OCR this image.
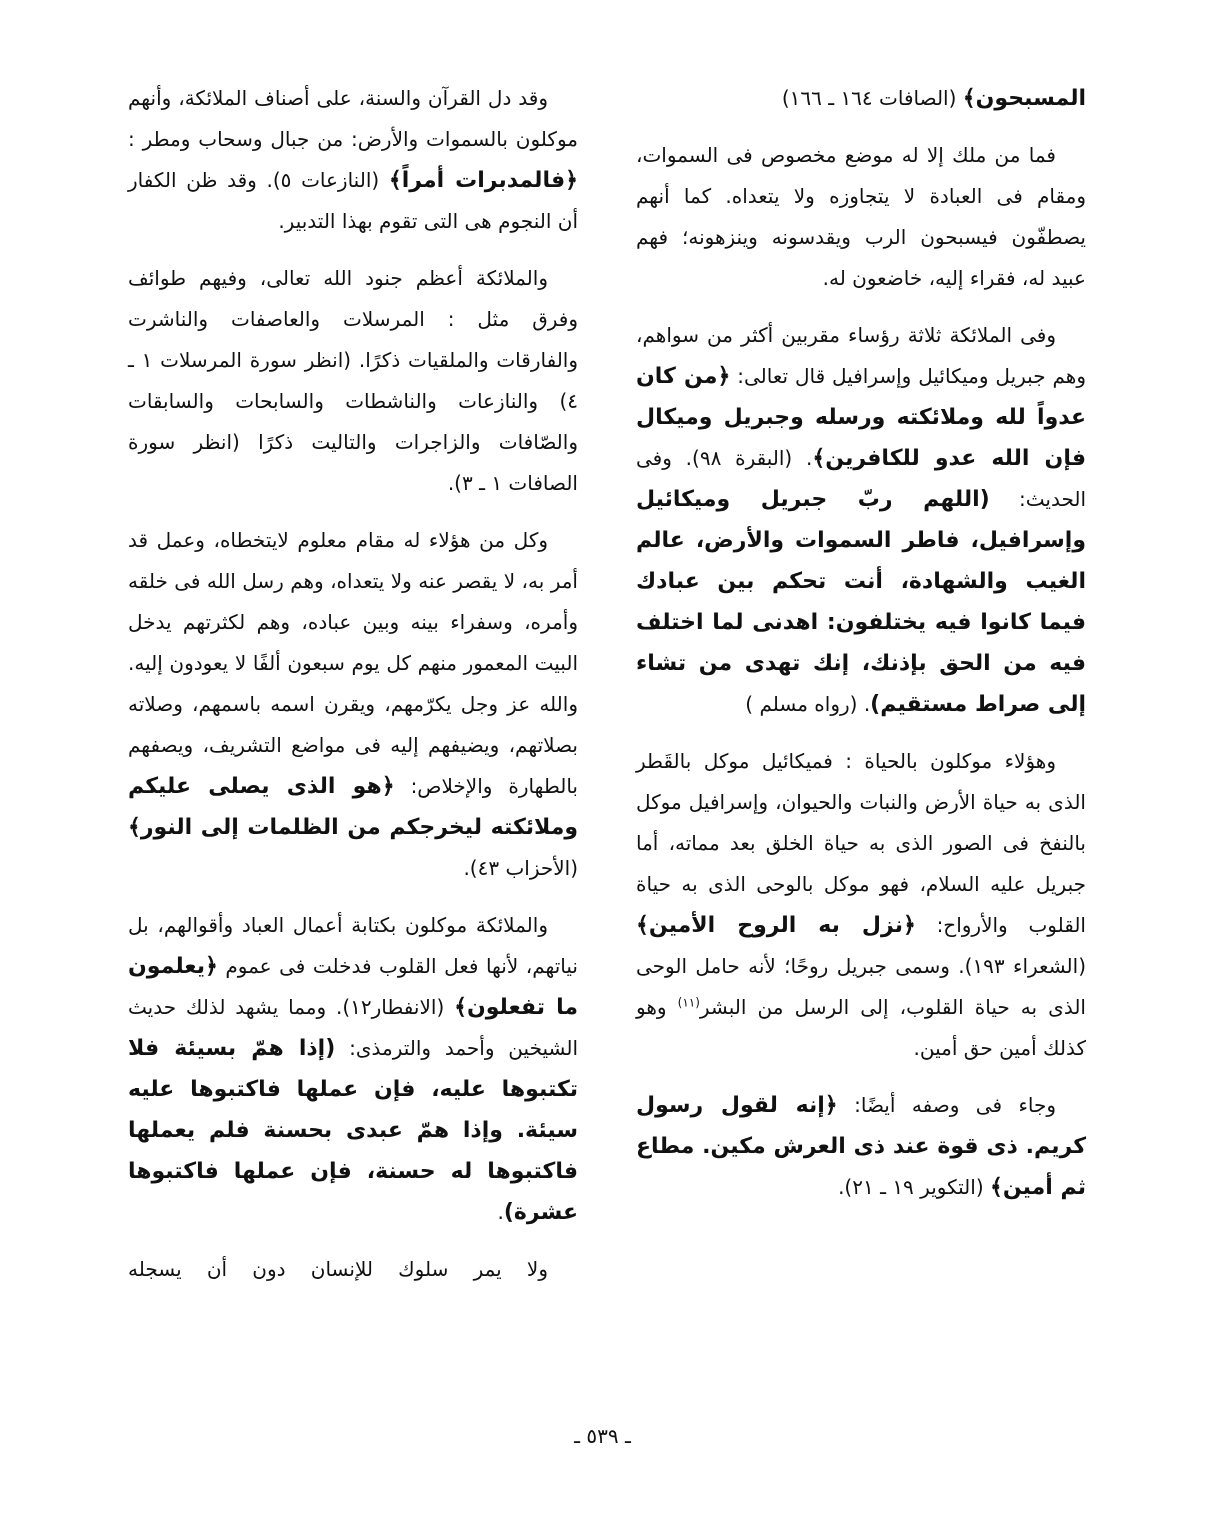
المسبحون﴾ (الصافات ١٦٤ ـ ١٦٦)

فما من ملك إلا له موضع مخصوص فى السموات، ومقام فى العبادة لا يتجاوزه ولا يتعداه. كما أنهم يصطفّون فيسبحون الرب ويقدسونه وينزهونه؛ فهم عبيد له، فقراء إليه، خاضعون له.

وفى الملائكة ثلاثة رؤساء مقربين أكثر من سواهم، وهم جبريل وميكائيل وإسرافيل قال تعالى: ﴿من كان عدواً لله وملائكته ورسله وجبريل وميكال فإن الله عدو للكافرين﴾. (البقرة ٩٨). وفى الحديث: (اللهم ربّ جبريل وميكائيل وإسرافيل، فاطر السموات والأرض، عالم الغيب والشهادة، أنت تحكم بين عبادك فيما كانوا فيه يختلفون: اهدنى لما اختلف فيه من الحق بإذنك، إنك تهدى من تشاء إلى صراط مستقيم). (رواه مسلم )

وهؤلاء موكلون بالحياة : فميكائيل موكل بالقَطر الذى به حياة الأرض والنبات والحيوان، وإسرافيل موكل بالنفخ فى الصور الذى به حياة الخلق بعد مماته، أما جبريل عليه السلام، فهو موكل بالوحى الذى به حياة القلوب والأرواح: ﴿نزل به الروح الأمين﴾ (الشعراء ١٩٣). وسمى جبريل روحًا؛ لأنه حامل الوحى الذى به حياة القلوب، إلى الرسل من البشر$^{(١١)}$ وهو كذلك أمين حق أمين.

وجاء فى وصفه أيضًا: ﴿إنه لقول رسول كريم. ذى قوة عند ذى العرش مكين. مطاع ثم أمين﴾ (التكوير ١٩ ـ ٢١).

وقد دل القرآن والسنة، على أصناف الملائكة، وأنهم موكلون بالسموات والأرض: من جبال وسحاب ومطر : ﴿فالمدبرات أمراً﴾ (النازعات ٥). وقد ظن الكفار أن النجوم هى التى تقوم بهذا التدبير.

والملائكة أعظم جنود الله تعالى، وفيهم طوائف وفرق مثل : المرسلات والعاصفات والناشرت والفارقات والملقيات ذكرًا. (انظر سورة المرسلات ١ ـ ٤) والنازعات والناشطات والسابحات والسابقات والصّافات والزاجرات والتاليت ذكرًا (انظر سورة الصافات ١ ـ ٣).

وكل من هؤلاء له مقام معلوم لايتخطاه، وعمل قد أمر به، لا يقصر عنه ولا يتعداه، وهم رسل الله فى خلقه وأمره، وسفراء بينه وبين عباده، وهم لكثرتهم يدخل البيت المعمور منهم كل يوم سبعون ألفًا لا يعودون إليه. والله عز وجل يكرّمهم، ويقرن اسمه باسمهم، وصلاته بصلاتهم، ويضيفهم إليه فى مواضع التشريف، ويصفهم بالطهارة والإخلاص: ﴿هو الذى يصلى عليكم وملائكته ليخرجكم من الظلمات إلى النور﴾ (الأحزاب ٤٣).

والملائكة موكلون بكتابة أعمال العباد وأقوالهم، بل نياتهم، لأنها فعل القلوب فدخلت فى عموم ﴿يعلمون ما تفعلون﴾ (الانفطار١٢). ومما يشهد لذلك حديث الشيخين وأحمد والترمذى: (إذا همّ بسيئة فلا تكتبوها عليه، فإن عملها فاكتبوها عليه سيئة. وإذا همّ عبدى بحسنة فلم يعملها فاكتبوها له حسنة، فإن عملها فاكتبوها عشرة).

ولا يمر سلوك للإنسان دون أن يسجله

ـ ٥٣٩ ـ
